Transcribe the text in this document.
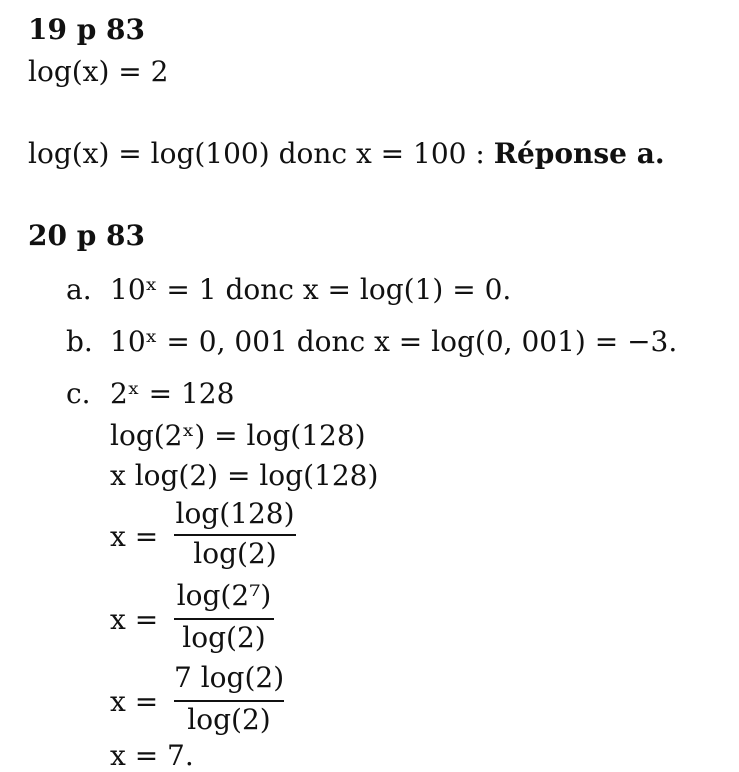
19 p 83
log(x) = 2
log(x) = log(100) donc x = 100 : Réponse a.
20 p 83
a. 10ˣ = 1 donc x = log(1) = 0.
b. 10ˣ = 0, 001 donc x = log(0, 001) = −3.
c. 2ˣ = 128
log(2ˣ) = log(128)
x log(2) = log(128)
x =
log(128)
log(2)
x =
log(2⁷)
log(2)
x =
7 log(2)
log(2)
x = 7.
